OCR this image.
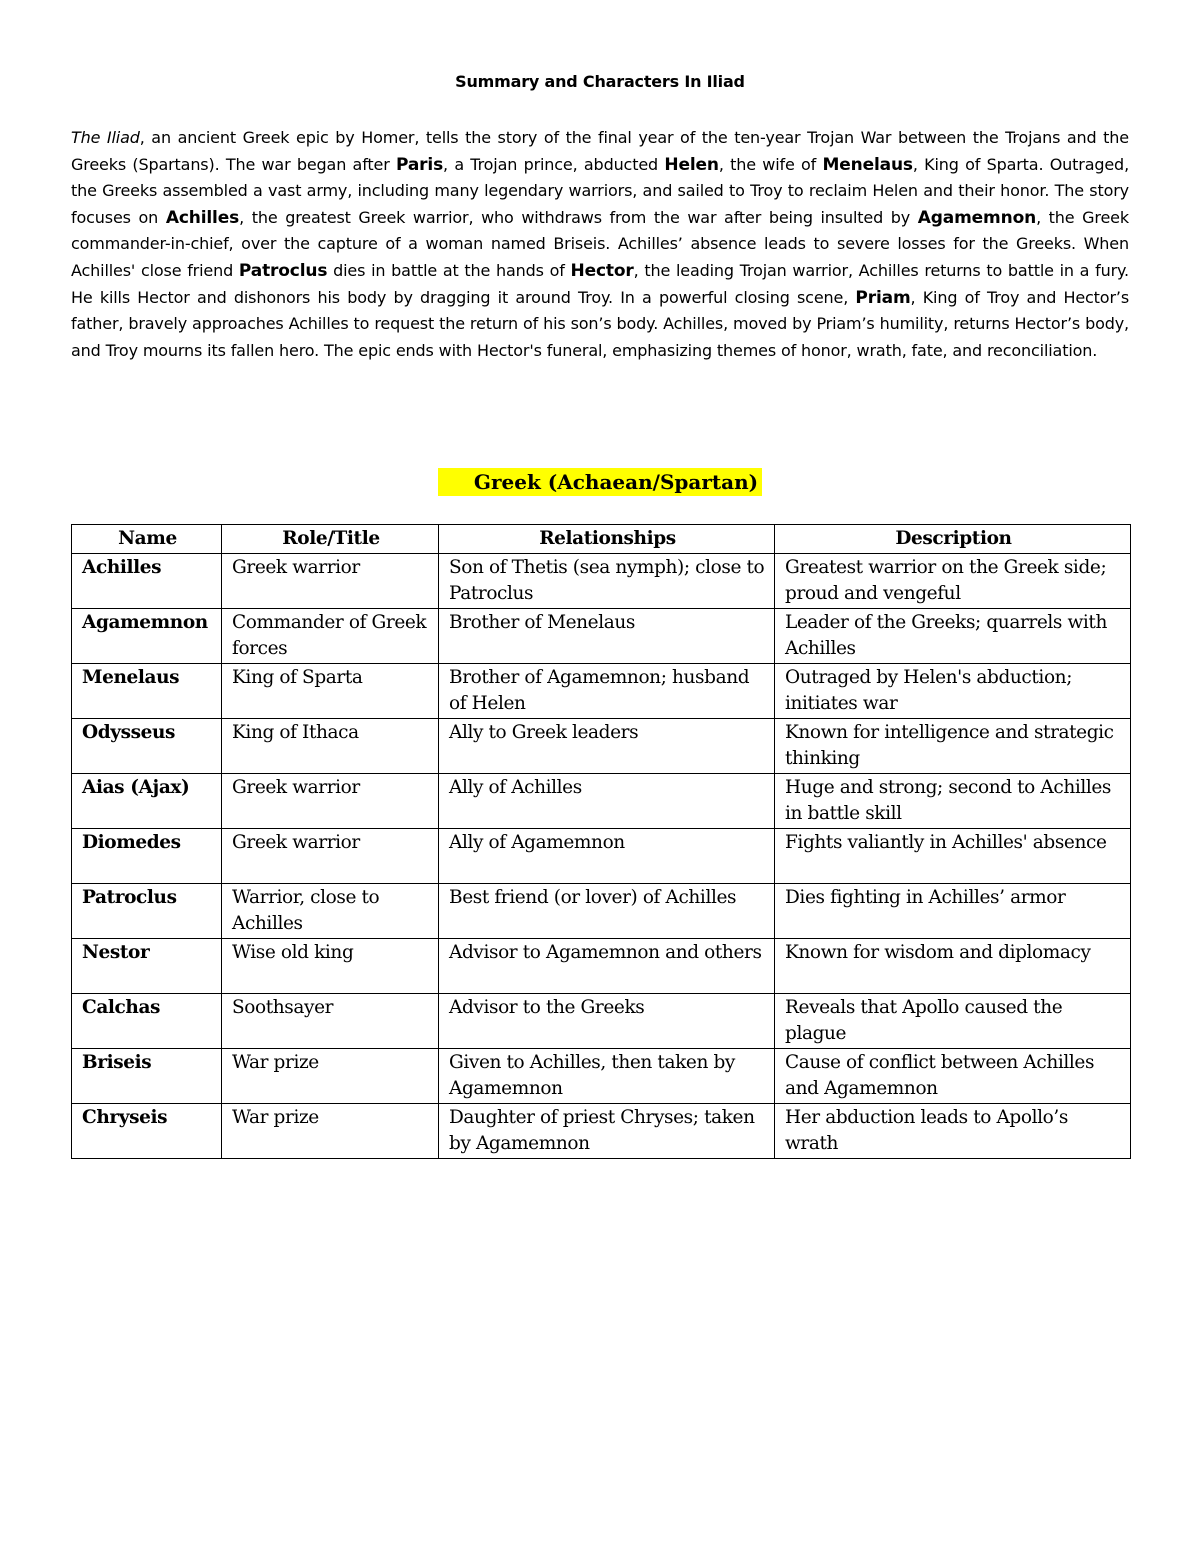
Summary and Characters In Iliad

The Iliad, an ancient Greek epic by Homer, tells the story of the final year of the ten-year Trojan War between the Trojans and the Greeks (Spartans). The war began after Paris, a Trojan prince, abducted Helen, the wife of Menelaus, King of Sparta. Outraged, the Greeks assembled a vast army, including many legendary warriors, and sailed to Troy to reclaim Helen and their honor. The story focuses on Achilles, the greatest Greek warrior, who withdraws from the war after being insulted by Agamemnon, the Greek commander-in-chief, over the capture of a woman named Briseis. Achilles’ absence leads to severe losses for the Greeks. When Achilles' close friend Patroclus dies in battle at the hands of Hector, the leading Trojan warrior, Achilles returns to battle in a fury. He kills Hector and dishonors his body by dragging it around Troy. In a powerful closing scene, Priam, King of Troy and Hector’s father, bravely approaches Achilles to request the return of his son’s body. Achilles, moved by Priam’s humility, returns Hector’s body, and Troy mourns its fallen hero. The epic ends with Hector's funeral, emphasizing themes of honor, wrath, fate, and reconciliation.

Greek (Achaean/Spartan)
Name	Role/Title	Relationships	Description
Achilles	Greek warrior	Son of Thetis (sea nymph); close to Patroclus	Greatest warrior on the Greek side; proud and vengeful
Agamemnon	Commander of Greek forces	Brother of Menelaus	Leader of the Greeks; quarrels with Achilles
Menelaus	King of Sparta	Brother of Agamemnon; husband of Helen	Outraged by Helen's abduction; initiates war
Odysseus	King of Ithaca	Ally to Greek leaders	Known for intelligence and strategic thinking
Aias (Ajax)	Greek warrior	Ally of Achilles	Huge and strong; second to Achilles in battle skill
Diomedes	Greek warrior	Ally of Agamemnon	Fights valiantly in Achilles' absence
Patroclus	Warrior, close to Achilles	Best friend (or lover) of Achilles	Dies fighting in Achilles’ armor
Nestor	Wise old king	Advisor to Agamemnon and others	Known for wisdom and diplomacy
Calchas	Soothsayer	Advisor to the Greeks	Reveals that Apollo caused the plague
Briseis	War prize	Given to Achilles, then taken by Agamemnon	Cause of conflict between Achilles and Agamemnon
Chryseis	War prize	Daughter of priest Chryses; taken by Agamemnon	Her abduction leads to Apollo’s wrath
